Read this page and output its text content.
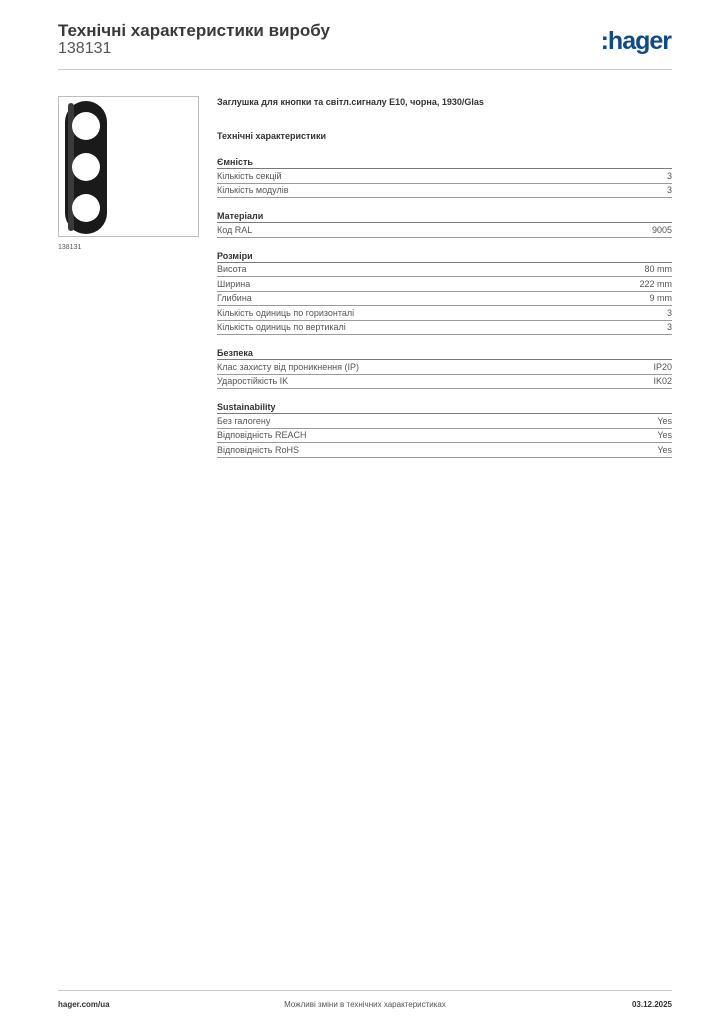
Технічні характеристики виробу
138131	:hager
138131
Заглушка для кнопки та світл.сигналу E10, чорна, 1930/Glas
Технічні характеристики
Ємність
Кількість секцій	3
Кількість модулів	3
Матеріали
Код RAL	9005
Розміри
Висота	80 mm
Ширина	222 mm
Глибина	9 mm
Кількість одиниць по горизонталі	3
Кількість одиниць по вертикалі	3
Безпека
Клас захисту від проникнення (IP)	IP20
Ударостійкість IK	IK02
Sustainability
Без галогену	Yes
Відповідність REACH	Yes
Відповідність RoHS	Yes
hager.com/ua	Можливі зміни в технічних характеристиках	03.12.2025
